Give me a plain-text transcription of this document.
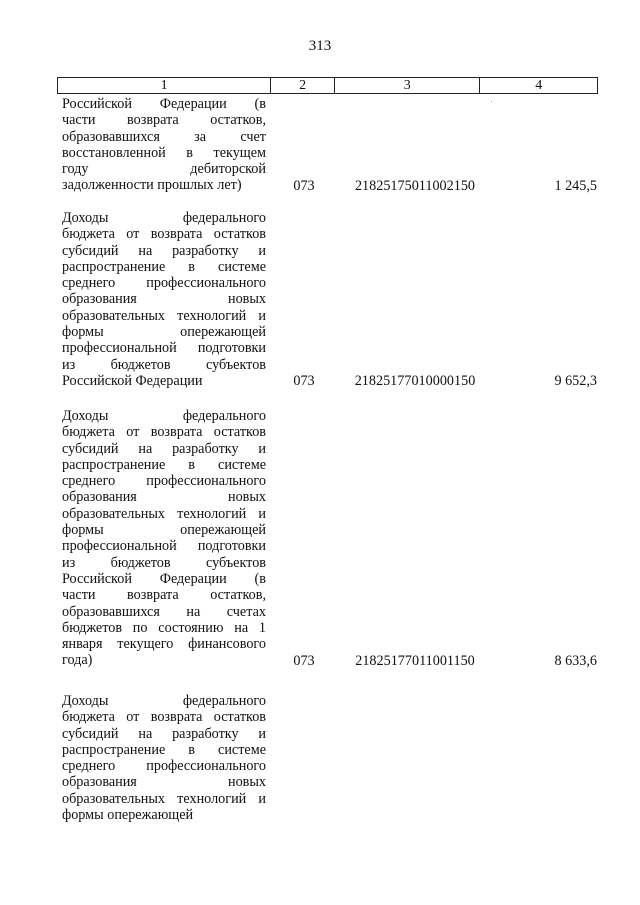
313
1	2	3	4
Российской Федерации (в
части возврата остатков,
образовавшихся за счет
восстановленной в текущем
году дебиторской
задолженности прошлых лет)	073	21825175011002150	1 245,5
Доходы федерального
бюджета от возврата остатков
субсидий на разработку и
распространение в системе
среднего профессионального
образования новых
образовательных технологий и
формы опережающей
профессиональной подготовки
из бюджетов субъектов
Российской Федерации	073	21825177010000150	9 652,3
Доходы федерального
бюджета от возврата остатков
субсидий на разработку и
распространение в системе
среднего профессионального
образования новых
образовательных технологий и
формы опережающей
профессиональной подготовки
из бюджетов субъектов
Российской Федерации (в
части возврата остатков,
образовавшихся на счетах
бюджетов по состоянию на 1
января текущего финансового
года)	073	21825177011001150	8 633,6
Доходы федерального
бюджета от возврата остатков
субсидий на разработку и
распространение в системе
среднего профессионального
образования новых
образовательных технологий и
формы опережающей
